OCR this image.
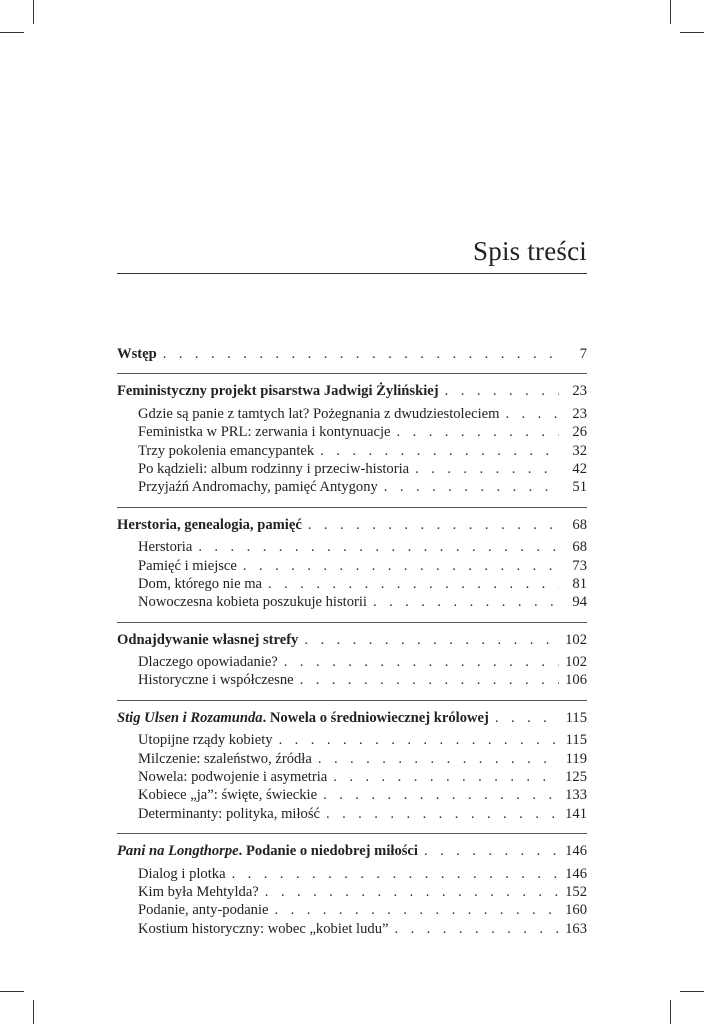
Spis treści
Wstęp . . .	7
Feministyczny projekt pisarstwa Jadwigi Żylińskiej . . .	23
Gdzie są panie z tamtych lat? Pożegnania z dwudziestoleciem . . .	23
Feministka w PRL: zerwania i kontynuacje . . .	26
Trzy pokolenia emancypantek . . .	32
Po kądzieli: album rodzinny i przeciw-historia . . .	42
Przyjaźń Andromachy, pamięć Antygony . . .	51
Herstoria, genealogia, pamięć . . .	68
Herstoria . . .	68
Pamięć i miejsce . . .	73
Dom, którego nie ma . . .	81
Nowoczesna kobieta poszukuje historii . . .	94
Odnajdywanie własnej strefy . . .	102
Dlaczego opowiadanie? . . .	102
Historyczne i współczesne . . .	106
Stig Ulsen i Rozamunda. Nowela o średniowiecznej królowej . . .	115
Utopijne rządy kobiety . . .	115
Milczenie: szaleństwo, źródła . . .	119
Nowela: podwojenie i asymetria . . .	125
Kobiece „ja”: święte, świeckie . . .	133
Determinanty: polityka, miłość . . .	141
Pani na Longthorpe. Podanie o niedobrej miłości . . .	146
Dialog i plotka . . .	146
Kim była Mehtylda? . . .	152
Podanie, anty-podanie . . .	160
Kostium historyczny: wobec „kobiet ludu” . . .	163
